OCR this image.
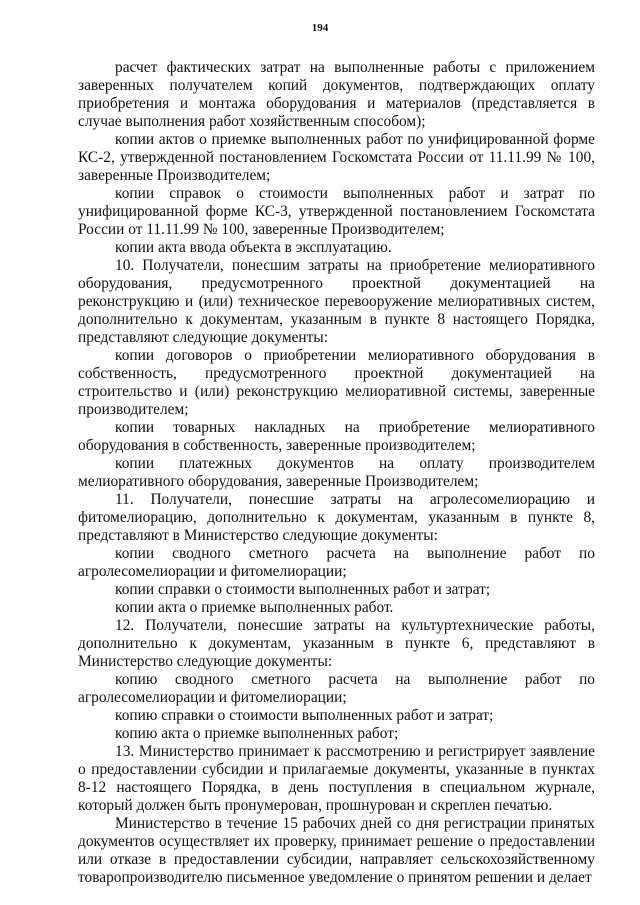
194

расчет фактических затрат на выполненные работы с приложением заверенных получателем копий документов, подтверждающих оплату приобретения и монтажа оборудования и материалов (представляется в случае выполнения работ хозяйственным способом);

копии актов о приемке выполненных работ по унифицированной форме КС-2, утвержденной постановлением Госкомстата России от 11.11.99 № 100, заверенные Производителем;

копии справок о стоимости выполненных работ и затрат по унифицированной форме КС-3, утвержденной постановлением Госкомстата России от 11.11.99 № 100, заверенные Производителем;

копии акта ввода объекта в эксплуатацию.

10. Получатели, понесшим затраты на приобретение мелиоративного оборудования, предусмотренного проектной документацией на реконструкцию и (или) техническое перевооружение мелиоративных систем, дополнительно к документам, указанным в пункте 8 настоящего Порядка, представляют следующие документы:

копии договоров о приобретении мелиоративного оборудования в собственность, предусмотренного проектной документацией на строительство и (или) реконструкцию мелиоративной системы, заверенные производителем;

копии товарных накладных на приобретение мелиоративного оборудования в собственность, заверенные производителем;

копии платежных документов на оплату производителем мелиоративного оборудования, заверенные Производителем;

11. Получатели, понесшие затраты на агролесомелиорацию и фитомелиорацию, дополнительно к документам, указанным в пункте 8, представляют в Министерство следующие документы:

копии сводного сметного расчета на выполнение работ по агролесомелиорации и фитомелиорации;

копии справки о стоимости выполненных работ и затрат;

копии акта о приемке выполненных работ.

12. Получатели, понесшие затраты на культуртехнические работы, дополнительно к документам, указанным в пункте 6, представляют в Министерство следующие документы:

копию сводного сметного расчета на выполнение работ по агролесомелиорации и фитомелиорации;

копию справки о стоимости выполненных работ и затрат;

копию акта о приемке выполненных работ;

13. Министерство принимает к рассмотрению и регистрирует заявление о предоставлении субсидии и прилагаемые документы, указанные в пунктах 8-12 настоящего Порядка, в день поступления в специальном журнале, который должен быть пронумерован, прошнурован и скреплен печатью.

Министерство в течение 15 рабочих дней со дня регистрации принятых документов осуществляет их проверку, принимает решение о предоставлении или отказе в предоставлении субсидии, направляет сельскохозяйственному товаропроизводителю письменное уведомление о принятом решении и делает
